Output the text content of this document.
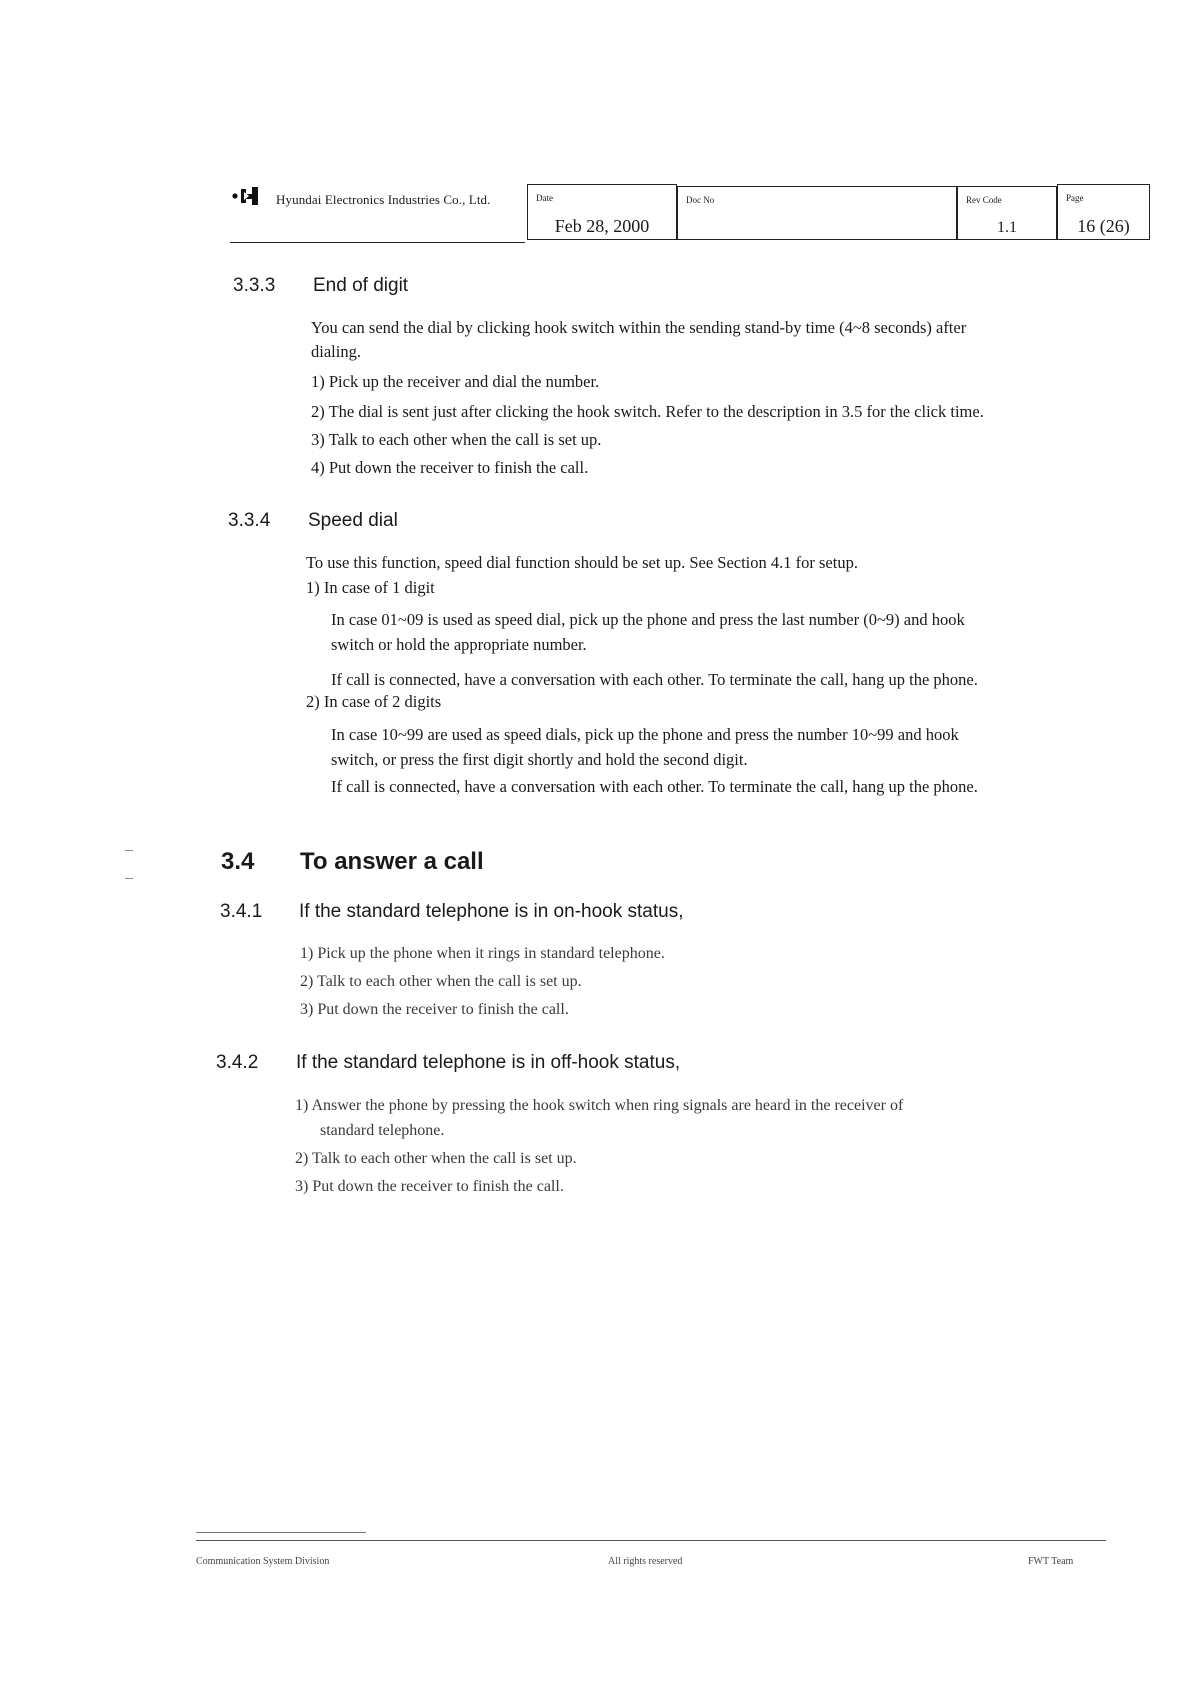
Hyundai Electronics Industries Co., Ltd.	Date
Feb 28, 2000
Doc No	Rev Code
1.1
Page
16 (26)
3.3.3 End of digit
You can send the dial by clicking hook switch within the sending stand-by time (4~8 seconds) after
dialing.
1) Pick up the receiver and dial the number.
2) The dial is sent just after clicking the hook switch. Refer to the description in 3.5 for the click time.
3) Talk to each other when the call is set up.
4) Put down the receiver to finish the call.
3.3.4 Speed dial
To use this function, speed dial function should be set up. See Section 4.1 for setup.
1) In case of 1 digit
In case 01~09 is used as speed dial, pick up the phone and press the last number (0~9) and hook
switch or hold the appropriate number.
If call is connected, have a conversation with each other. To terminate the call, hang up the phone.
2) In case of 2 digits
In case 10~99 are used as speed dials, pick up the phone and press the number 10~99 and hook
switch, or press the first digit shortly and hold the second digit.
If call is connected, have a conversation with each other. To terminate the call, hang up the phone.
3.4 To answer a call
3.4.1 If the standard telephone is in on-hook status,
1) Pick up the phone when it rings in standard telephone.
2) Talk to each other when the call is set up.
3) Put down the receiver to finish the call.
3.4.2 If the standard telephone is in off-hook status,
1) Answer the phone by pressing the hook switch when ring signals are heard in the receiver of
standard telephone.
2) Talk to each other when the call is set up.
3) Put down the receiver to finish the call.
Communication System Division	All rights reserved	FWT Team
